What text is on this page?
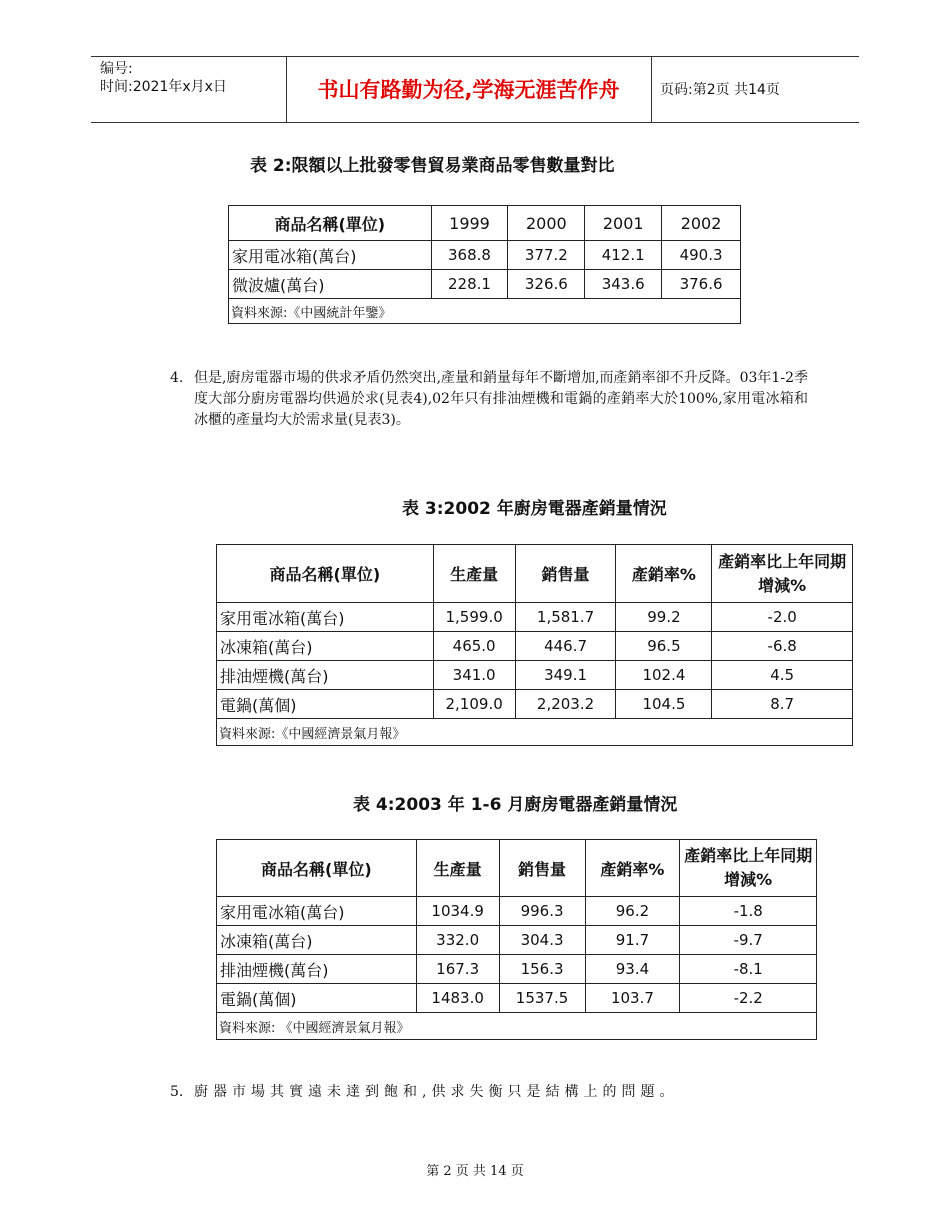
编号:
时间:2021年x月x日	书山有路勤为径,学海无涯苦作舟	页码:第2页 共14页
表 2:限額以上批發零售貿易業商品零售數量對比
商品名稱(單位)	1999	2000	2001	2002
家用電冰箱(萬台)	368.8	377.2	412.1	490.3
微波爐(萬台)	228.1	326.6	343.6	376.6
資料來源:《中國統計年鑒》				
4. 但是,廚房電器市場的供求矛盾仍然突出,產量和銷量每年不斷增加,而產銷率卻不升反降。03年1-2季度大部分廚房電器均供過於求(見表4),02年只有排油煙機和電鍋的產銷率大於100%,家用電冰箱和冰櫃的產量均大於需求量(見表3)。
表 3:2002 年廚房電器產銷量情況
商品名稱(單位)	生產量	銷售量	產銷率%	產銷率比上年同期增減%
家用電冰箱(萬台)	1,599.0	1,581.7	99.2	-2.0
冰凍箱(萬台)	465.0	446.7	96.5	-6.8
排油煙機(萬台)	341.0	349.1	102.4	4.5
電鍋(萬個)	2,109.0	2,203.2	104.5	8.7
資料來源:《中國經濟景氣月報》				
表 4:2003 年 1-6 月廚房電器產銷量情況
商品名稱(單位)	生產量	銷售量	產銷率%	產銷率比上年同期增減%
家用電冰箱(萬台)	1034.9	996.3	96.2	-1.8
冰凍箱(萬台)	332.0	304.3	91.7	-9.7
排油煙機(萬台)	167.3	156.3	93.4	-8.1
電鍋(萬個)	1483.0	1537.5	103.7	-2.2
資料來源: 《中國經濟景氣月報》				
5. 廚器市場其實遠未達到飽和,供求失衡只是結構上的問題。
第 2 页 共 14 页
